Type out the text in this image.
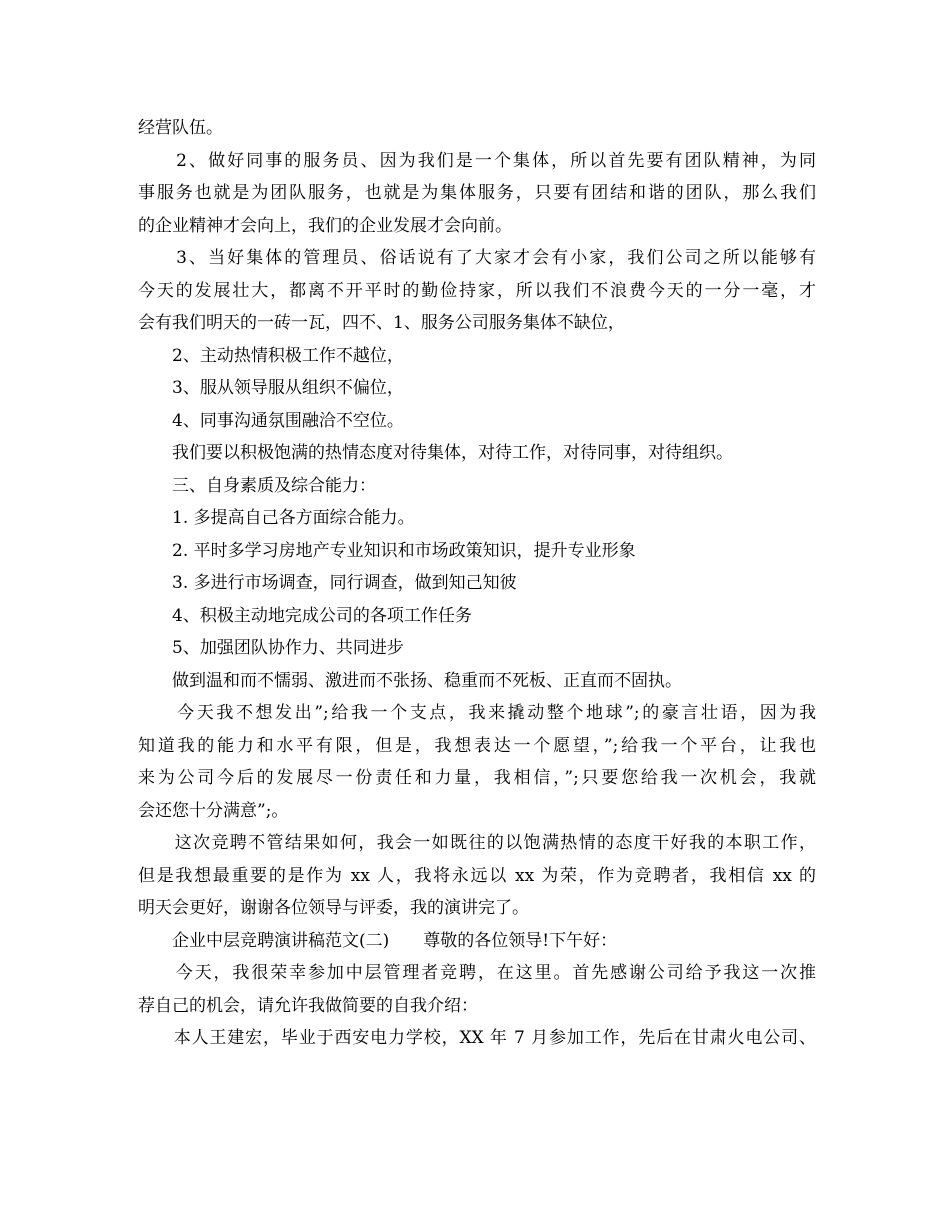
经营队伍。
　　2、做好同事的服务员、因为我们是一个集体，所以首先要有团队精神，为同
事服务也就是为团队服务，也就是为集体服务，只要有团结和谐的团队，那么我们
的企业精神才会向上，我们的企业发展才会向前。
　　3、当好集体的管理员、俗话说有了大家才会有小家，我们公司之所以能够有
今天的发展壮大，都离不开平时的勤俭持家，所以我们不浪费今天的一分一毫，才
会有我们明天的一砖一瓦，四不、1、服务公司服务集体不缺位，
　　2、主动热情积极工作不越位，
　　3、服从领导服从组织不偏位，
　　4、同事沟通氛围融洽不空位。
　　我们要以积极饱满的热情态度对待集体，对待工作，对待同事，对待组织。
　　三、自身素质及综合能力：
　　1. 多提高自己各方面综合能力。
　　2. 平时多学习房地产专业知识和市场政策知识，提升专业形象
　　3. 多进行市场调查，同行调查，做到知己知彼
　　4、积极主动地完成公司的各项工作任务
　　5、加强团队协作力、共同进步
　　做到温和而不懦弱、激进而不张扬、稳重而不死板、正直而不固执。
　　今天我不想发出”;给我一个支点，我来撬动整个地球”;的豪言壮语，因为我
知道我的能力和水平有限，但是，我想表达一个愿望，”;给我一个平台，让我也
来为公司今后的发展尽一份责任和力量，我相信，”;只要您给我一次机会，我就
会还您十分满意”;。
　　这次竞聘不管结果如何，我会一如既往的以饱满热情的态度干好我的本职工作，
但是我想最重要的是作为 xx 人，我将永远以 xx 为荣，作为竞聘者，我相信 xx 的
明天会更好，谢谢各位领导与评委，我的演讲完了。
　　企业中层竞聘演讲稿范文(二)　　尊敬的各位领导!下午好：
　　今天，我很荣幸参加中层管理者竞聘，在这里。首先感谢公司给予我这一次推
荐自己的机会，请允许我做简要的自我介绍：
　　本人王建宏，毕业于西安电力学校，XX 年 7 月参加工作，先后在甘肃火电公司、
